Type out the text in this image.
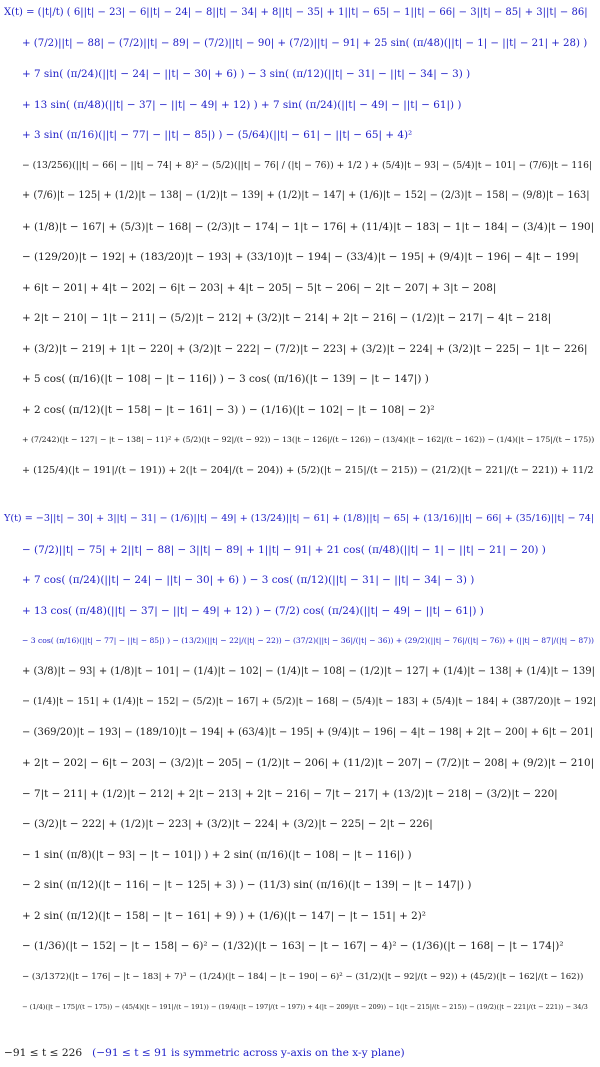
X(t) = (|t|/t) ( 6||t| − 23| − 6||t| − 24| − 8||t| − 34| + 8||t| − 35| + 1||t| − 65| − 1||t| − 66| − 3||t| − 85| + 3||t| − 86|
+ (7/2)||t| − 88| − (7/2)||t| − 89| − (7/2)||t| − 90| + (7/2)||t| − 91| + 25 sin( (π/48)(||t| − 1| − ||t| − 21| + 28) )
+ 7 sin( (π/24)(||t| − 24| − ||t| − 30| + 6) ) − 3 sin( (π/12)(||t| − 31| − ||t| − 34| − 3) )
+ 13 sin( (π/48)(||t| − 37| − ||t| − 49| + 12) ) + 7 sin( (π/24)(||t| − 49| − ||t| − 61|) )
+ 3 sin( (π/16)(||t| − 77| − ||t| − 85|) ) − (5/64)(||t| − 61| − ||t| − 65| + 4)²
− (13/256)(||t| − 66| − ||t| − 74| + 8)² − (5/2)(||t| − 76| / (|t| − 76)) + 1/2 ) + (5/4)|t − 93| − (5/4)|t − 101| − (7/6)|t − 116|
+ (7/6)|t − 125| + (1/2)|t − 138| − (1/2)|t − 139| + (1/2)|t − 147| + (1/6)|t − 152| − (2/3)|t − 158| − (9/8)|t − 163|
+ (1/8)|t − 167| + (5/3)|t − 168| − (2/3)|t − 174| − 1|t − 176| + (11/4)|t − 183| − 1|t − 184| − (3/4)|t − 190|
− (129/20)|t − 192| + (183/20)|t − 193| + (33/10)|t − 194| − (33/4)|t − 195| + (9/4)|t − 196| − 4|t − 199|
+ 6|t − 201| + 4|t − 202| − 6|t − 203| + 4|t − 205| − 5|t − 206| − 2|t − 207| + 3|t − 208|
+ 2|t − 210| − 1|t − 211| − (5/2)|t − 212| + (3/2)|t − 214| + 2|t − 216| − (1/2)|t − 217| − 4|t − 218|
+ (3/2)|t − 219| + 1|t − 220| + (3/2)|t − 222| − (7/2)|t − 223| + (3/2)|t − 224| + (3/2)|t − 225| − 1|t − 226|
+ 5 cos( (π/16)(|t − 108| − |t − 116|) ) − 3 cos( (π/16)(|t − 139| − |t − 147|) )
+ 2 cos( (π/12)(|t − 158| − |t − 161| − 3) ) − (1/16)(|t − 102| − |t − 108| − 2)²
+ (7/242)(|t − 127| − |t − 138| − 11)² + (5/2)(|t − 92|/(t − 92)) − 13(|t − 126|/(t − 126)) − (13/4)(|t − 162|/(t − 162)) − (1/4)(|t − 175|/(t − 175))
+ (125/4)(|t − 191|/(t − 191)) + 2(|t − 204|/(t − 204)) + (5/2)(|t − 215|/(t − 215)) − (21/2)(|t − 221|/(t − 221)) + 11/2
Y(t) = −3||t| − 30| + 3||t| − 31| − (1/6)||t| − 49| + (13/24)||t| − 61| + (1/8)||t| − 65| + (13/16)||t| − 66| + (35/16)||t| − 74|
− (7/2)||t| − 75| + 2||t| − 88| − 3||t| − 89| + 1||t| − 91| + 21 cos( (π/48)(||t| − 1| − ||t| − 21| − 20) )
+ 7 cos( (π/24)(||t| − 24| − ||t| − 30| + 6) ) − 3 cos( (π/12)(||t| − 31| − ||t| − 34| − 3) )
+ 13 cos( (π/48)(||t| − 37| − ||t| − 49| + 12) ) − (7/2) cos( (π/24)(||t| − 49| − ||t| − 61|) )
− 3 cos( (π/16)(||t| − 77| − ||t| − 85|) ) − (13/2)(||t| − 22|/(|t| − 22)) − (37/2)(||t| − 36|/(|t| − 36)) + (29/2)(||t| − 76|/(|t| − 76)) + (||t| − 87|/(|t| − 87))
+ (3/8)|t − 93| + (1/8)|t − 101| − (1/4)|t − 102| − (1/4)|t − 108| − (1/2)|t − 127| + (1/4)|t − 138| + (1/4)|t − 139|
− (1/4)|t − 151| + (1/4)|t − 152| − (5/2)|t − 167| + (5/2)|t − 168| − (5/4)|t − 183| + (5/4)|t − 184| + (387/20)|t − 192|
− (369/20)|t − 193| − (189/10)|t − 194| + (63/4)|t − 195| + (9/4)|t − 196| − 4|t − 198| + 2|t − 200| + 6|t − 201|
+ 2|t − 202| − 6|t − 203| − (3/2)|t − 205| − (1/2)|t − 206| + (11/2)|t − 207| − (7/2)|t − 208| + (9/2)|t − 210|
− 7|t − 211| + (1/2)|t − 212| + 2|t − 213| + 2|t − 216| − 7|t − 217| + (13/2)|t − 218| − (3/2)|t − 220|
− (3/2)|t − 222| + (1/2)|t − 223| + (3/2)|t − 224| + (3/2)|t − 225| − 2|t − 226|
− 1 sin( (π/8)(|t − 93| − |t − 101|) ) + 2 sin( (π/16)(|t − 108| − |t − 116|) )
− 2 sin( (π/12)(|t − 116| − |t − 125| + 3) ) − (11/3) sin( (π/16)(|t − 139| − |t − 147|) )
+ 2 sin( (π/12)(|t − 158| − |t − 161| + 9) ) + (1/6)(|t − 147| − |t − 151| + 2)²
− (1/36)(|t − 152| − |t − 158| − 6)² − (1/32)(|t − 163| − |t − 167| − 4)² − (1/36)(|t − 168| − |t − 174|)²
− (3/1372)(|t − 176| − |t − 183| + 7)³ − (1/24)(|t − 184| − |t − 190| − 6)² − (31/2)(|t − 92|/(t − 92)) + (45/2)(|t − 162|/(t − 162))
− (1/4)(|t − 175|/(t − 175)) − (45/4)(|t − 191|/(t − 191)) − (19/4)(|t − 197|/(t − 197)) + 4(|t − 209|/(t − 209)) − 1(|t − 215|/(t − 215)) − (19/2)(|t − 221|/(t − 221)) − 34/3
−91 ≤ t ≤ 226 (−91 ≤ t ≤ 91 is symmetric across y-axis on the x-y plane)
